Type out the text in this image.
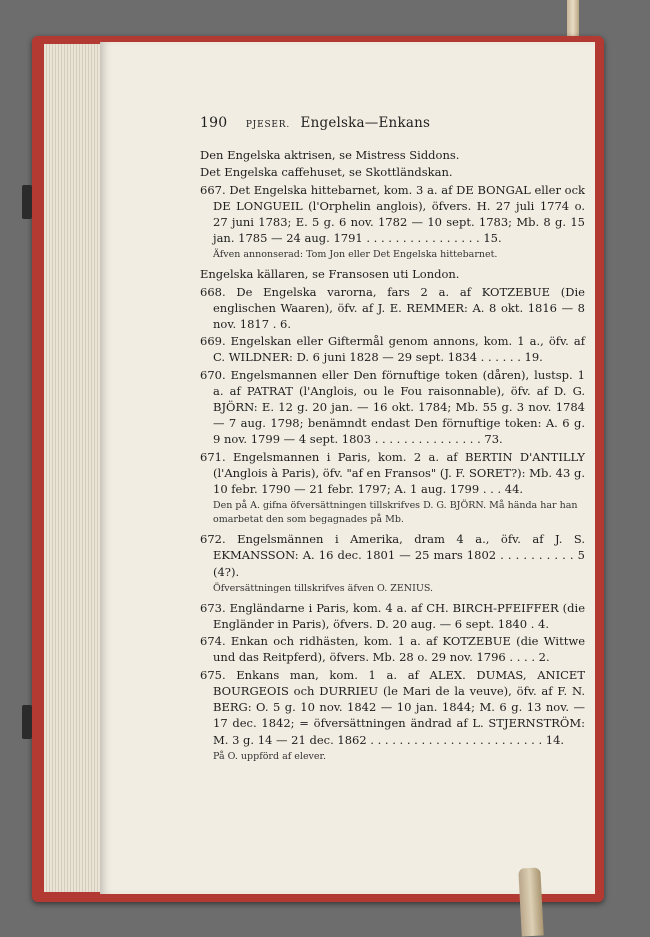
190 PJESER. Engelska—Enkans

Den Engelska aktrisen, se Mistress Siddons.

Det Engelska caffehuset, se Skottländskan.

667. Det Engelska hittebarnet, kom. 3 a. af DE BONGAL eller ock DE LONGUEIL (l'Orphelin anglois), öfvers. H. 27 juli 1774 o. 27 juni 1783; E. 5 g. 6 nov. 1782 — 10 sept. 1783; Mb. 8 g. 15 jan. 1785 — 24 aug. 1791 . . . . . . . . . . . . . . . . 15.

Äfven annonserad: Tom Jon eller Det Engelska hittebarnet.

Engelska källaren, se Fransosen uti London.

668. De Engelska varorna, fars 2 a. af KOTZEBUE (Die englischen Waaren), öfv. af J. E. REMMER: A. 8 okt. 1816 — 8 nov. 1817 . 6.

669. Engelskan eller Giftermål genom annons, kom. 1 a., öfv. af C. WILDNER: D. 6 juni 1828 — 29 sept. 1834 . . . . . . 19.

670. Engelsmannen eller Den förnuftige token (dåren), lustsp. 1 a. af PATRAT (l'Anglois, ou le Fou raisonnable), öfv. af D. G. BJÖRN: E. 12 g. 20 jan. — 16 okt. 1784; Mb. 55 g. 3 nov. 1784 — 7 aug. 1798; benämndt endast Den förnuftige token: A. 6 g. 9 nov. 1799 — 4 sept. 1803 . . . . . . . . . . . . . . . 73.

671. Engelsmannen i Paris, kom. 2 a. af BERTIN D'ANTILLY (l'Anglois à Paris), öfv. "af en Fransos" (J. F. SORET?): Mb. 43 g. 10 febr. 1790 — 21 febr. 1797; A. 1 aug. 1799 . . . 44.

Den på A. gifna öfversättningen tillskrifves D. G. BJÖRN. Må hända har han omarbetat den som begagnades på Mb.

672. Engelsmännen i Amerika, dram 4 a., öfv. af J. S. EKMANSSON: A. 16 dec. 1801 — 25 mars 1802 . . . . . . . . . . 5 (4?).

Öfversättningen tillskrifves äfven O. ZENIUS.

673. Engländarne i Paris, kom. 4 a. af CH. BIRCH-PFEIFFER (die Engländer in Paris), öfvers. D. 20 aug. — 6 sept. 1840 . 4.

674. Enkan och ridhästen, kom. 1 a. af KOTZEBUE (die Wittwe und das Reitpferd), öfvers. Mb. 28 o. 29 nov. 1796 . . . . 2.

675. Enkans man, kom. 1 a. af ALEX. DUMAS, ANICET BOURGEOIS och DURRIEU (le Mari de la veuve), öfv. af F. N. BERG: O. 5 g. 10 nov. 1842 — 10 jan. 1844; M. 6 g. 13 nov. — 17 dec. 1842; = öfversättningen ändrad af L. STJERNSTRÖM: M. 3 g. 14 — 21 dec. 1862 . . . . . . . . . . . . . . . . . . . . . . . . 14.

På O. uppförd af elever.
